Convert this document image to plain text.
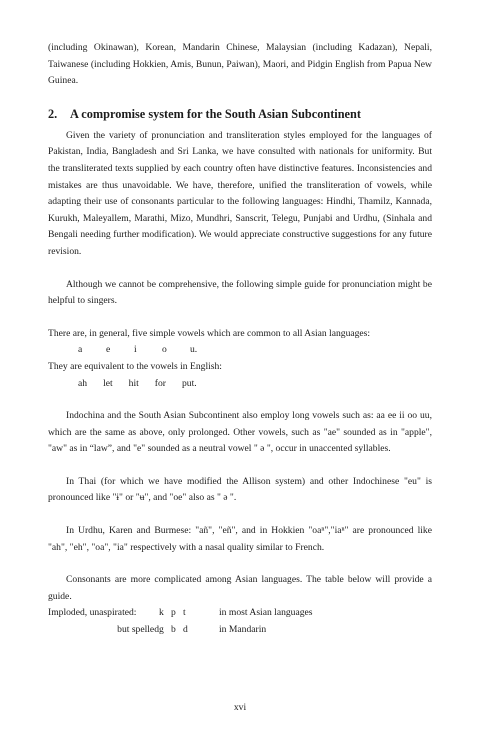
(including Okinawan), Korean, Mandarin Chinese, Malaysian (including Kadazan), Nepali, Taiwanese (including Hokkien, Amis, Bunun, Paiwan), Maori, and Pidgin English from Papua New Guinea.

2. A compromise system for the South Asian Subcontinent

Given the variety of pronunciation and transliteration styles employed for the languages of Pakistan, India, Bangladesh and Sri Lanka, we have consulted with nationals for uniformity. But the transliterated texts supplied by each country often have distinctive features. Inconsistencies and mistakes are thus unavoidable. We have, therefore, unified the transliteration of vowels, while adapting their use of consonants particular to the following languages: Hindhi, Thamilz, Kannada, Kurukh, Maleyallem, Marathi, Mizo, Mundhri, Sanscrit, Telegu, Punjabi and Urdhu, (Sinhala and Bengali needing further modification). We would appreciate constructive suggestions for any future revision.

Although we cannot be comprehensive, the following simple guide for pronunciation might be helpful to singers.

There are, in general, five simple vowels which are common to all Asian languages:

a e i	o u.

They are equivalent to the vowels in English:

ah let hit for put.

Indochina and the South Asian Subcontinent also employ long vowels such as: aa ee ii oo uu, which are the same as above, only prolonged. Other vowels, such as "ae" sounded as in "apple", "aw" as in “law”, and "e" sounded as a neutral vowel " ə ", occur in unaccented syllables.

In Thai (for which we have modified the Allison system) and other Indochinese "eu" is pronounced like "ɨ" or "ʉ", and "oe" also as " ə ".

In Urdhu, Karen and Burmese: "añ", "eñ", and in Hokkien "oaⁿ","iaⁿ" are pronounced like "ah", "eh", "oa", "ia" respectively with a nasal quality similar to French.

Consonants are more complicated among Asian languages. The table below will provide a guide.

Imploded, unaspirated:	k   p   t	in most Asian languages
but spelled g   b   d	in Mandarin
xvi
